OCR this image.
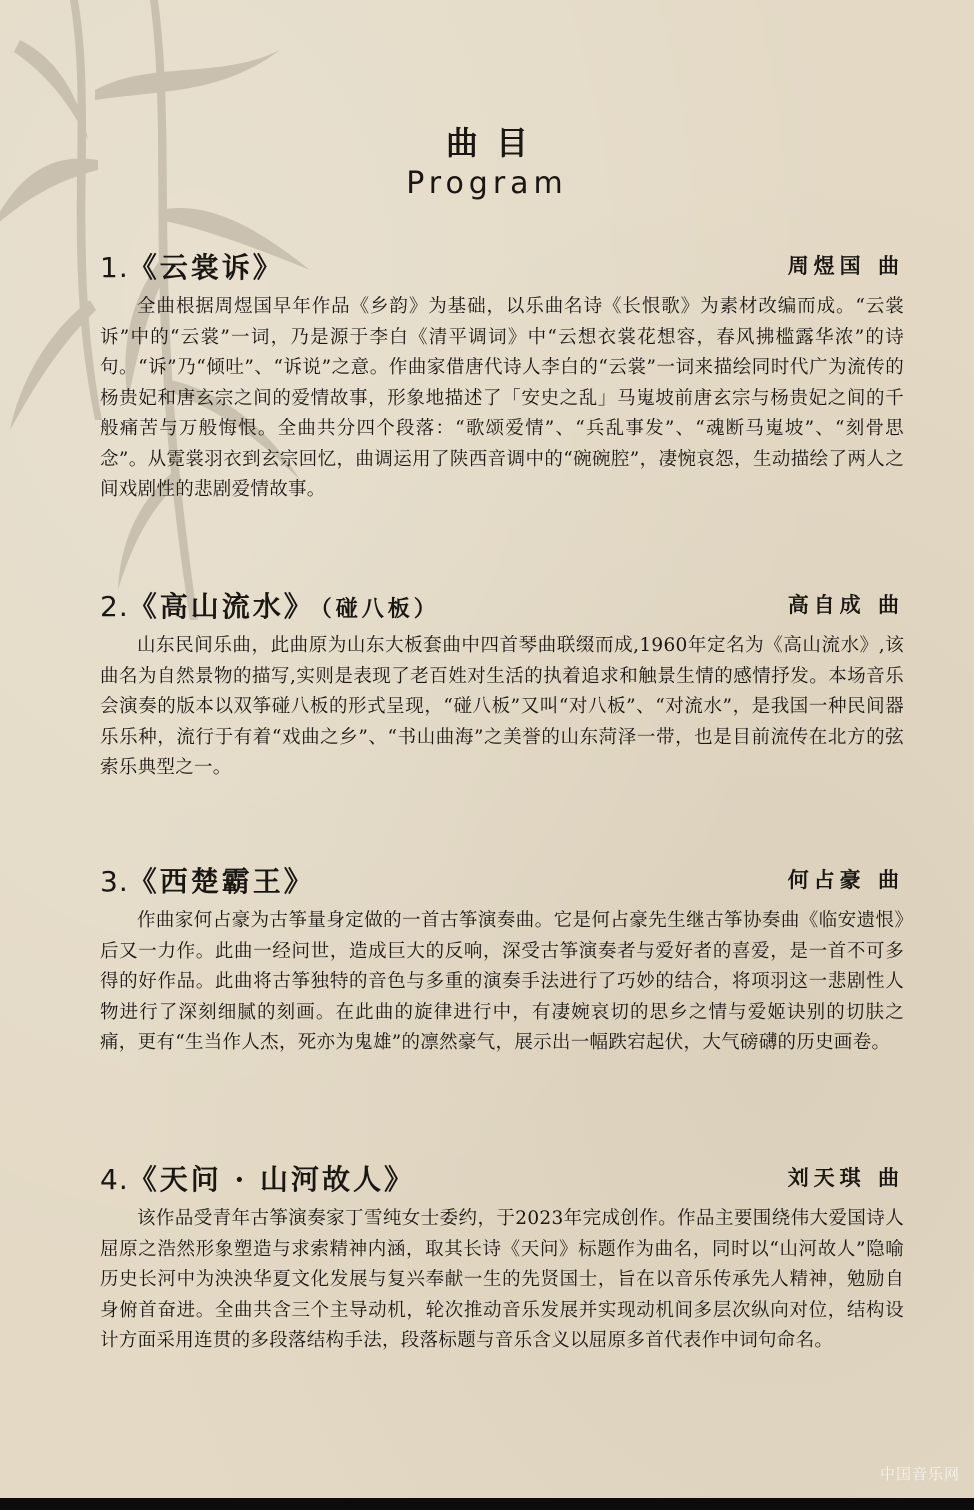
曲目
Program
1.《云裳诉》	周煜国 曲
全曲根据周煜国早年作品《乡韵》为基础，以乐曲名诗《长恨歌》为素材改编而成。“云裳诉”中的“云裳”一词，乃是源于李白《清平调词》中“云想衣裳花想容，春风拂槛露华浓”的诗句。“诉”乃“倾吐”、“诉说”之意。作曲家借唐代诗人李白的“云裳”一词来描绘同时代广为流传的杨贵妃和唐玄宗之间的爱情故事，形象地描述了「安史之乱」马嵬坡前唐玄宗与杨贵妃之间的千般痛苦与万般悔恨。全曲共分四个段落：“歌颂爱情”、“兵乱事发”、“魂断马嵬坡”、“刻骨思念”。从霓裳羽衣到玄宗回忆，曲调运用了陕西音调中的“碗碗腔”，凄惋哀怨，生动描绘了两人之间戏剧性的悲剧爱情故事。
2.《高山流水》 （碰八板）	高自成 曲
山东民间乐曲，此曲原为山东大板套曲中四首琴曲联缀而成,1960年定名为《高山流水》,该曲名为自然景物的描写,实则是表现了老百姓对生活的执着追求和触景生情的感情抒发。本场音乐会演奏的版本以双筝碰八板的形式呈现，“碰八板”又叫“对八板”、“对流水”，是我国一种民间器乐乐种，流行于有着“戏曲之乡”、“书山曲海”之美誉的山东菏泽一带，也是目前流传在北方的弦索乐典型之一。
3.《西楚霸王》	何占豪 曲
作曲家何占豪为古筝量身定做的一首古筝演奏曲。它是何占豪先生继古筝协奏曲《临安遗恨》后又一力作。此曲一经问世，造成巨大的反响，深受古筝演奏者与爱好者的喜爱，是一首不可多得的好作品。此曲将古筝独特的音色与多重的演奏手法进行了巧妙的结合，将项羽这一悲剧性人物进行了深刻细腻的刻画。在此曲的旋律进行中，有凄婉哀切的思乡之情与爱姬诀别的切肤之痛，更有“生当作人杰，死亦为鬼雄”的凛然豪气，展示出一幅跌宕起伏，大气磅礴的历史画卷。
4.《天问 · 山河故人》	刘天琪 曲
该作品受青年古筝演奏家丁雪纯女士委约，于2023年完成创作。作品主要围绕伟大爱国诗人屈原之浩然形象塑造与求索精神内涵，取其长诗《天问》标题作为曲名，同时以“山河故人”隐喻历史长河中为泱泱华夏文化发展与复兴奉献一生的先贤国士，旨在以音乐传承先人精神，勉励自身俯首奋进。全曲共含三个主导动机，轮次推动音乐发展并实现动机间多层次纵向对位，结构设计方面采用连贯的多段落结构手法，段落标题与音乐含义以屈原多首代表作中词句命名。
中国音乐网
